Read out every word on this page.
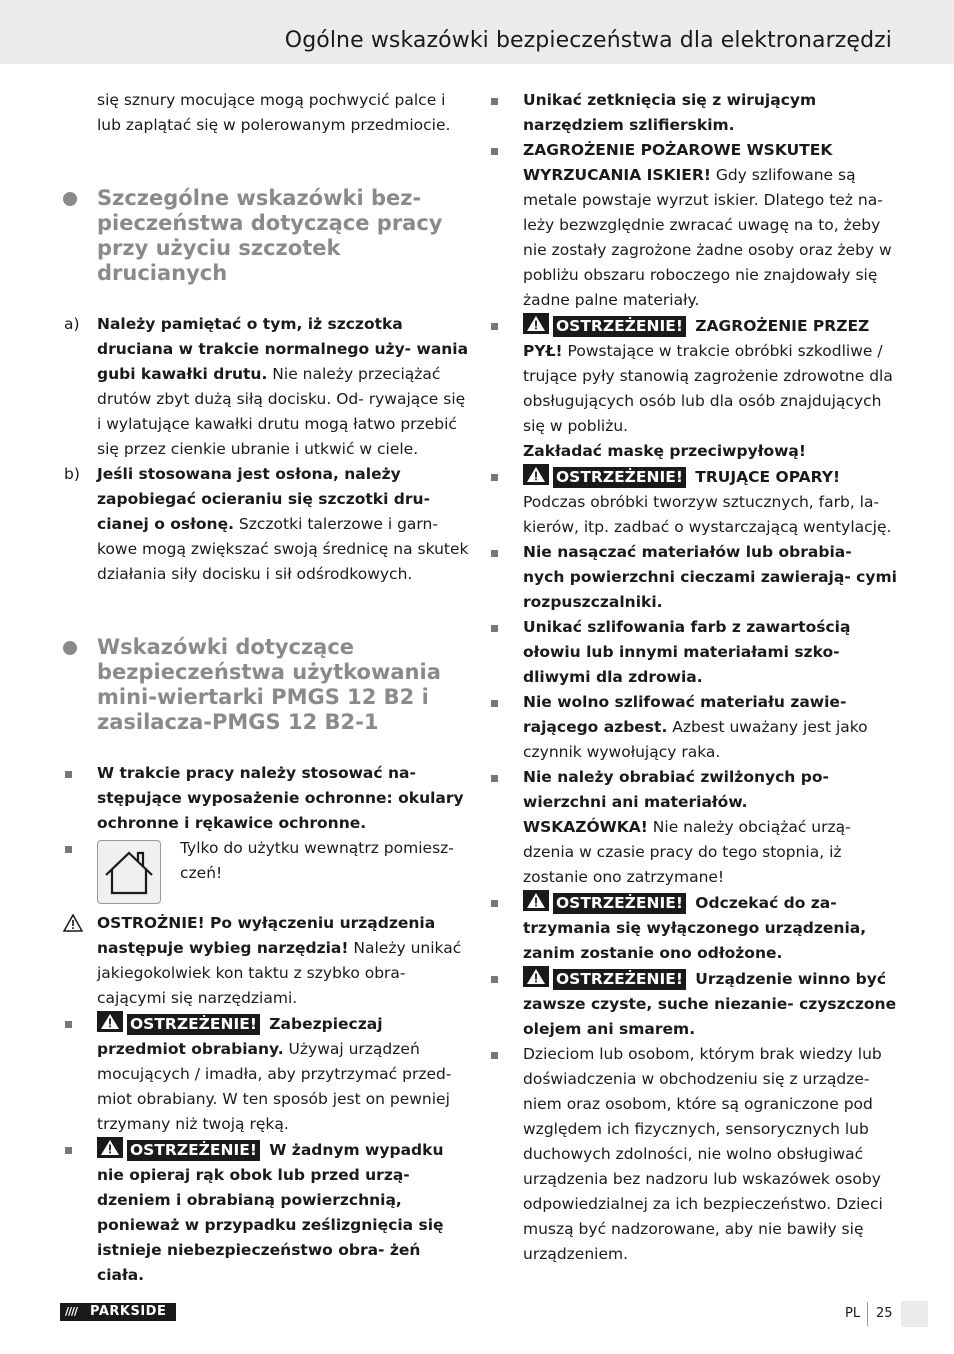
Ogólne wskazówki bezpieczeństwa dla elektronarzędzi
się sznury mocujące mogą pochwycić palce i lub zaplątać się w polerowanym przedmiocie.
Szczególne wskazówki bez- pieczeństwa dotyczące pracy przy użyciu szczotek drucianych
a) Należy pamiętać o tym, iż szczotka druciana w trakcie normalnego uży- wania gubi kawałki drutu. Nie należy przeciążać drutów zbyt dużą siłą docisku. Od- rywające się i wylatujące kawałki drutu mogą łatwo przebić się przez cienkie ubranie i utkwić w ciele.
b) Jeśli stosowana jest osłona, należy zapobiegać ocieraniu się szczotki dru- cianej o osłonę. Szczotki talerzowe i garn- kowe mogą zwiększać swoją średnicę na skutek działania siły docisku i sił odśrodkowych.
Wskazówki dotyczące bezpieczeństwa użytkowania mini-wiertarki PMGS 12 B2 i zasilacza-PMGS 12 B2-1
W trakcie pracy należy stosować na- stępujące wyposażenie ochronne: okulary ochronne i rękawice ochronne.
Tylko do użytku wewnątrz pomiesz- czeń!
OSTROŻNIE! Po wyłączeniu urządzenia następuje wybieg narzędzia! Należy unikać jakiegokolwiek kon taktu z szybko obra- cającymi się narzędziami.
OSTRZEŻENIE! Zabezpieczaj przedmiot obrabiany. Używaj urządzeń mocujących / imadła, aby przytrzymać przed- miot obrabiany. W ten sposób jest on pewniej trzymany niż twoją ręką.
OSTRZEŻENIE! W żadnym wypadku nie opieraj rąk obok lub przed urzą- dzeniem i obrabianą powierzchnią, ponieważ w przypadku ześlizgnięcia się istnieje niebezpieczeństwo obra- żeń ciała.
Unikać zetknięcia się z wirującym narzędziem szlifierskim.
ZAGROŻENIE POŻAROWE WSKUTEK WYRZUCANIA ISKIER! Gdy szlifowane są metale powstaje wyrzut iskier. Dlatego też na- leży bezwzględnie zwracać uwagę na to, żeby nie zostały zagrożone żadne osoby oraz żeby w pobliżu obszaru roboczego nie znajdowały się żadne palne materiały.
OSTRZEŻENIE! ZAGROŻENIE PRZEZ PYŁ! Powstające w trakcie obróbki szkodliwe / trujące pyły stanowią zagrożenie zdrowotne dla obsługujących osób lub dla osób znajdujących się w pobliżu.
Zakładać maskę przeciwpyłową!
OSTRZEŻENIE! TRUJĄCE OPARY!
Podczas obróbki tworzyw sztucznych, farb, la- kierów, itp. zadbać o wystarczającą wentylację.
Nie nasączać materiałów lub obrabia- nych powierzchni cieczami zawierają- cymi rozpuszczalniki.
Unikać szlifowania farb z zawartością ołowiu lub innymi materiałami szko- dliwymi dla zdrowia.
Nie wolno szlifować materiału zawie- rającego azbest. Azbest uważany jest jako czynnik wywołujący raka.
Nie należy obrabiać zwilżonych po- wierzchni ani materiałów.
WSKAZÓWKA! Nie należy obciążać urzą- dzenia w czasie pracy do tego stopnia, iż zostanie ono zatrzymane!
OSTRZEŻENIE! Odczekać do za- trzymania się wyłączonego urządzenia, zanim zostanie ono odłożone.
OSTRZEŻENIE! Urządzenie winno być zawsze czyste, suche niezanie- czyszczone olejem ani smarem.
Dzieciom lub osobom, którym brak wiedzy lub doświadczenia w obchodzeniu się z urządze- niem oraz osobom, które są ograniczone pod względem ich fizycznych, sensorycznych lub duchowych zdolności, nie wolno obsługiwać urządzenia bez nadzoru lub wskazówek osoby odpowiedzialnej za ich bezpieczeństwo. Dzieci muszą być nadzorowane, aby nie bawiły się urządzeniem.
//// PARKSIDE	PL 25
